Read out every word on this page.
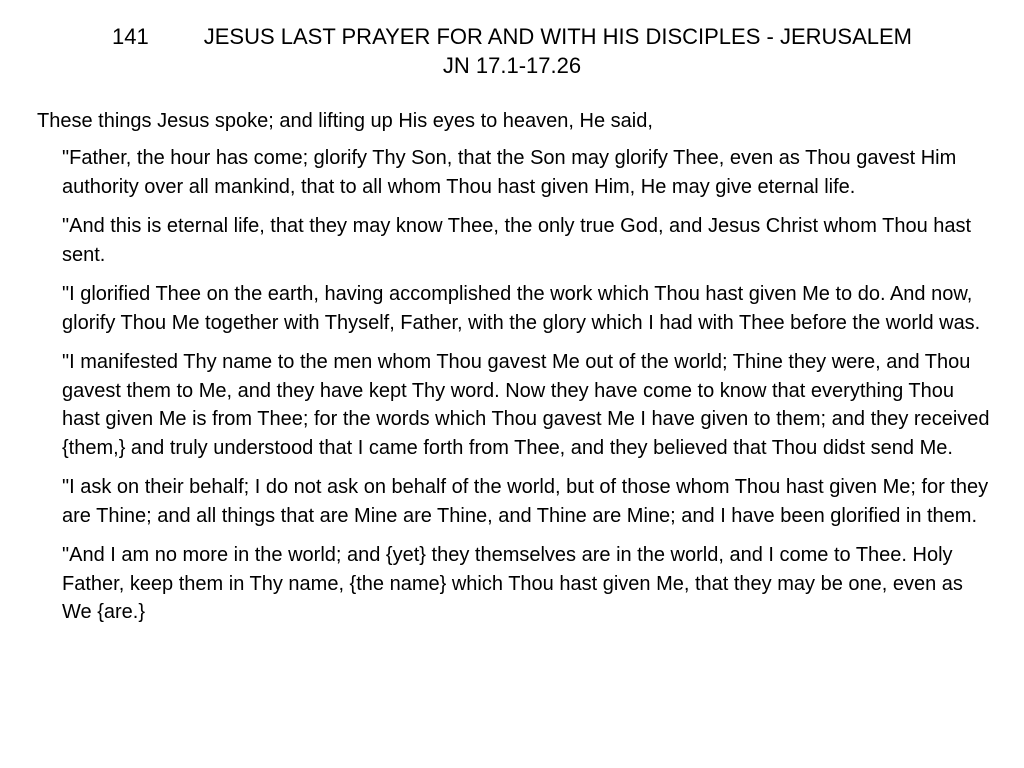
141	JESUS LAST PRAYER FOR AND WITH HIS DISCIPLES - JERUSALEM
JN 17.1-17.26

These things Jesus spoke; and lifting up His eyes to heaven, He said,

"Father, the hour has come; glorify Thy Son, that the Son may glorify Thee, even as Thou gavest Him authority over all mankind, that to all whom Thou hast given Him, He may give eternal life.

"And this is eternal life, that they may know Thee, the only true God, and Jesus Christ whom Thou hast sent.

"I glorified Thee on the earth, having accomplished the work which Thou hast given Me to do. And now, glorify Thou Me together with Thyself, Father, with the glory which I had with Thee before the world was.

"I manifested Thy name to the men whom Thou gavest Me out of the world; Thine they were, and Thou gavest them to Me, and they have kept Thy word. Now they have come to know that everything Thou hast given Me is from Thee; for the words which Thou gavest Me I have given to them; and they received {them,} and truly understood that I came forth from Thee, and they believed that Thou didst send Me.

"I ask on their behalf; I do not ask on behalf of the world, but of those whom Thou hast given Me; for they are Thine; and all things that are Mine are Thine, and Thine are Mine; and I have been glorified in them.

"And I am no more in the world; and {yet} they themselves are in the world, and I come to Thee. Holy Father, keep them in Thy name, {the name} which Thou hast given Me, that they may be one, even as We {are.}
